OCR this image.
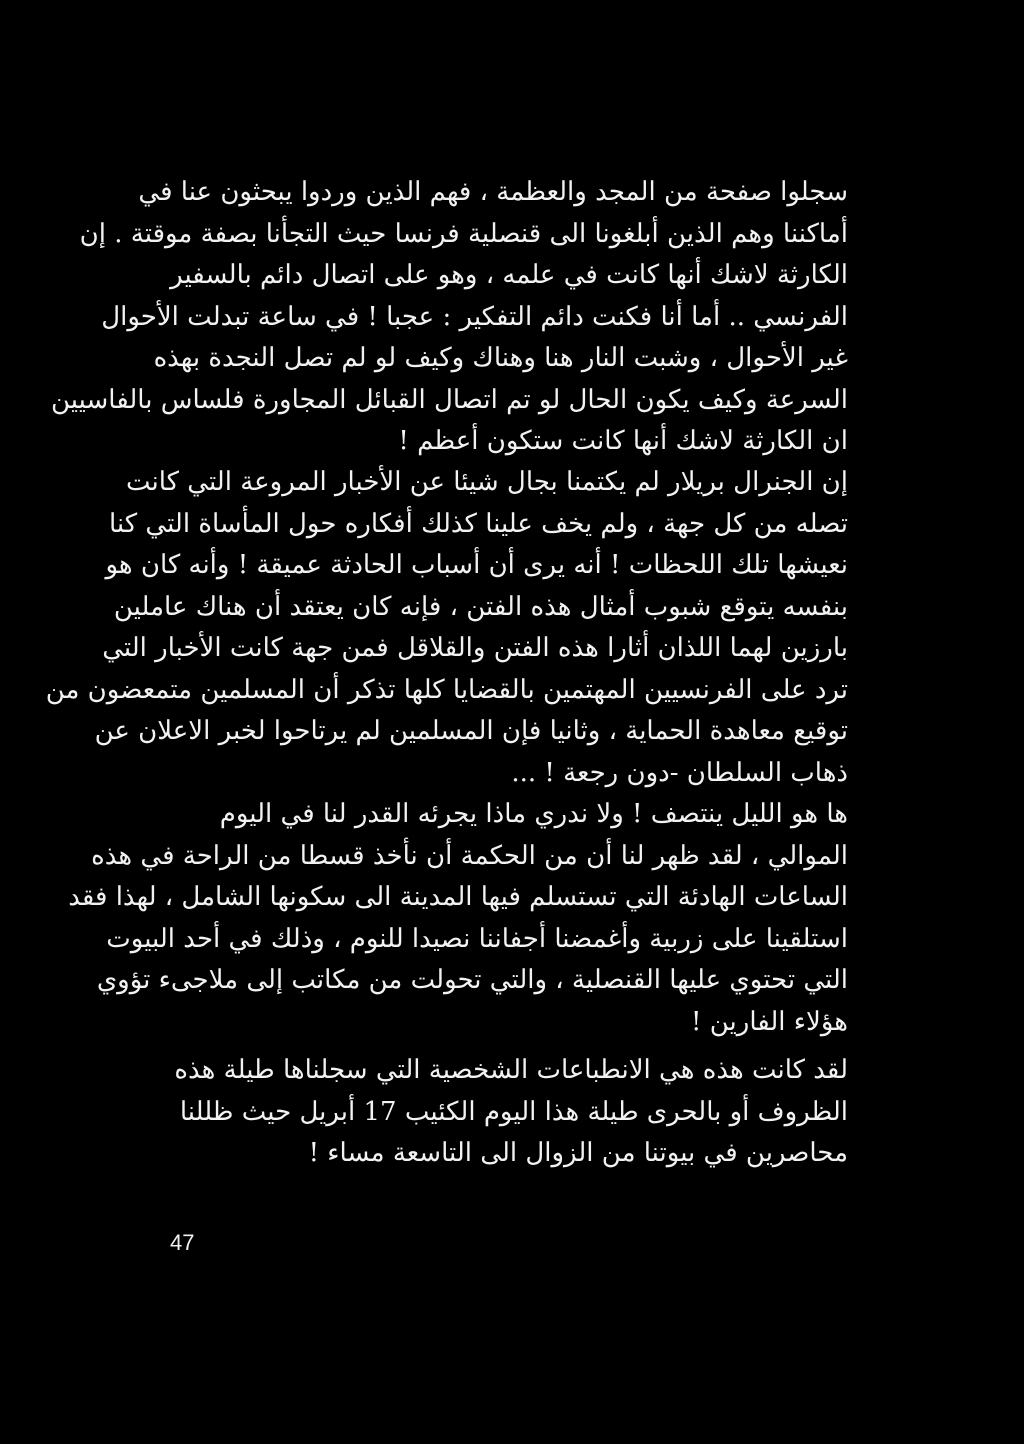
سجلوا صفحة من المجد والعظمة ، فهم الذين وردوا يبحثون عنا في
أماكننا وهم الذين أبلغونا الى قنصلية فرنسا حيث التجأنا بصفة موقتة . إن
الكارثة لاشك أنها كانت في علمه ، وهو على اتصال دائم بالسفير
الفرنسي .. أما أنا فكنت دائم التفكير : عجبا ! في ساعة تبدلت الأحوال
غير الأحوال ، وشبت النار هنا وهناك وكيف لو لم تصل النجدة بهذه
السرعة وكيف يكون الحال لو تم اتصال القبائل المجاورة فلساس بالفاسيين
ان الكارثة لاشك أنها كانت ستكون أعظم !
إن الجنرال بريلار لم يكتمنا بجال شيئا عن الأخبار المروعة التي كانت
تصله من كل جهة ، ولم يخف علينا كذلك أفكاره حول المأساة التي كنا
نعيشها تلك اللحظات ! أنه يرى أن أسباب الحادثة عميقة ! وأنه كان هو
بنفسه يتوقع شبوب أمثال هذه الفتن ، فإنه كان يعتقد أن هناك عاملين
بارزين لهما اللذان أثارا هذه الفتن والقلاقل فمن جهة كانت الأخبار التي
ترد على الفرنسيين المهتمين بالقضايا كلها تذكر أن المسلمين متمعضون من
توقيع معاهدة الحماية ، وثانيا فإن المسلمين لم يرتاحوا لخبر الاعلان عن
ذهاب السلطان -دون رجعة ! ...
ها هو الليل ينتصف ! ولا ندري ماذا يجرئه القدر لنا في اليوم
الموالي ، لقد ظهر لنا أن من الحكمة أن نأخذ قسطا من الراحة في هذه
الساعات الهادئة التي تستسلم فيها المدينة الى سكونها الشامل ، لهذا فقد
استلقينا على زربية وأغمضنا أجفاننا نصيدا للنوم ، وذلك في أحد البيوت
التي تحتوي عليها القنصلية ، والتي تحولت من مكاتب إلى ملاجىء تؤوي
هؤلاء الفارين !
لقد كانت هذه هي الانطباعات الشخصية التي سجلناها طيلة هذه
الظروف أو بالحرى طيلة هذا اليوم الكئيب 17 أبريل حيث ظللنا
محاصرين في بيوتنا من الزوال الى التاسعة مساء !
47
